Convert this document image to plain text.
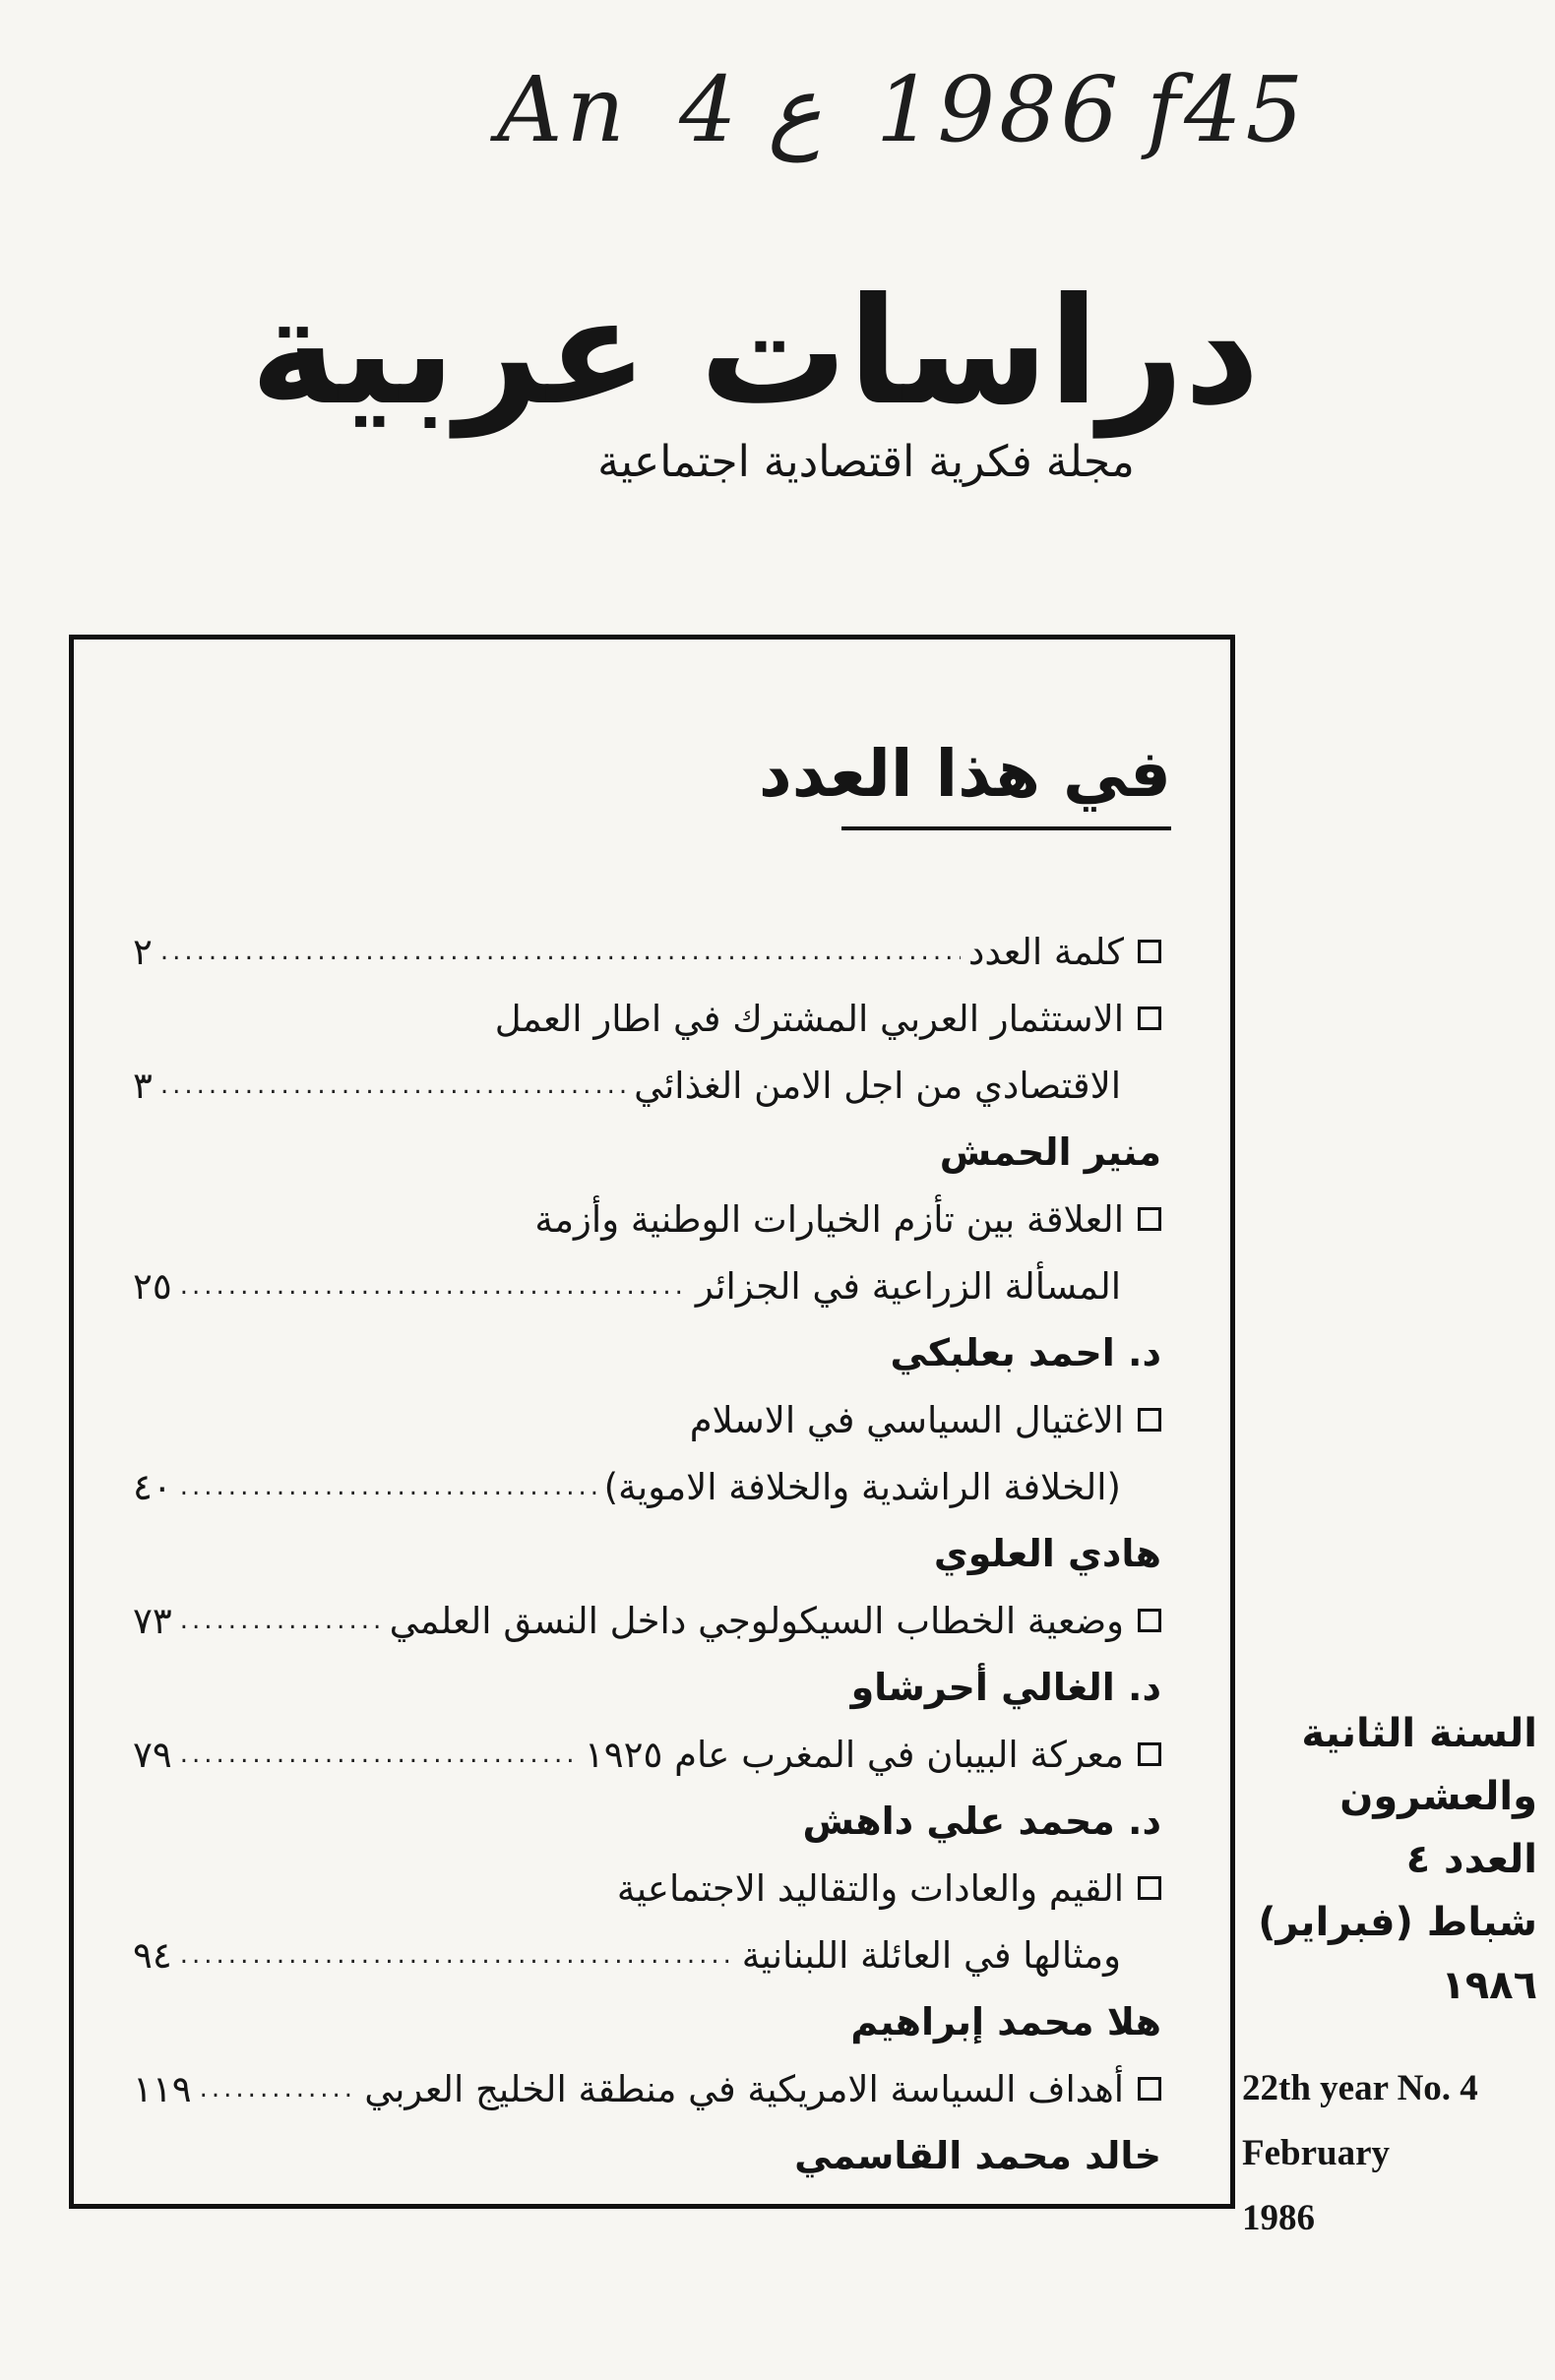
An 4 ع 1986 f45
دراسات عربية
مجلة فكرية اقتصادية اجتماعية
في هذا العدد
كلمة العدد
.....
٢
الاستثمار العربي المشترك في اطار العمل
الاقتصادي من اجل الامن الغذائي
.....
٣
منير الحمش
العلاقة بين تأزم الخيارات الوطنية وأزمة
المسألة الزراعية في الجزائر
.....
٢٥
د. احمد بعلبكي
الاغتيال السياسي في الاسلام
(الخلافة الراشدية والخلافة الاموية)
.....
٤٠
هادي العلوي
وضعية الخطاب السيكولوجي داخل النسق العلمي
.....
٧٣
د. الغالي أحرشاو
معركة البيبان في المغرب عام ١٩٢٥
.....
٧٩
د. محمد علي داهش
القيم والعادات والتقاليد الاجتماعية
ومثالها في العائلة اللبنانية
.....
٩٤
هلا محمد إبراهيم
أهداف السياسة الامريكية في منطقة الخليج العربي
.....
١١٩
خالد محمد القاسمي
السنة الثانية
والعشرون
العدد ٤
شباط (فبراير)
١٩٨٦
22th year No. 4
February
1986
